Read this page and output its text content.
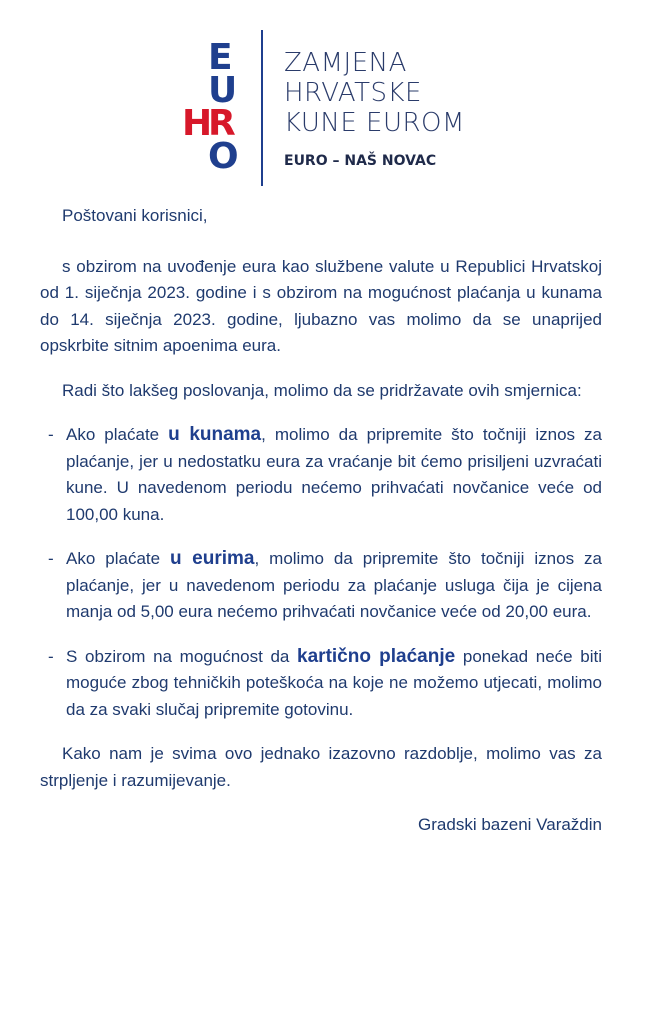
E
U
H
R
O
ZAMJENA
HRVATSKE
KUNE EUROM
EURO – NAŠ NOVAC

Poštovani korisnici,

s obzirom na uvođenje eura kao službene valute u Republici Hrvatskoj od 1. siječnja 2023. godine i s obzirom na mogućnost plaćanja u kunama do 14. siječnja 2023. godine, ljubazno vas molimo da se unaprijed opskrbite sitnim apoenima eura.

Radi što lakšeg poslovanja, molimo da se pridržavate ovih smjernica:

- Ako plaćate u kunama, molimo da pripremite što točniji iznos za plaćanje, jer u nedostatku eura za vraćanje bit ćemo prisiljeni uzvraćati kune. U navedenom periodu nećemo prihvaćati novčanice veće od 100,00 kuna.
- Ako plaćate u eurima, molimo da pripremite što točniji iznos za plaćanje, jer u navedenom periodu za plaćanje usluga čija je cijena manja od 5,00 eura nećemo prihvaćati novčanice veće od 20,00 eura.
- S obzirom na mogućnost da kartično plaćanje ponekad neće biti moguće zbog tehničkih poteškoća na koje ne možemo utjecati, molimo da za svaki slučaj pripremite gotovinu.

Kako nam je svima ovo jednako izazovno razdoblje, molimo vas za strpljenje i razumijevanje.

Gradski bazeni Varaždin
